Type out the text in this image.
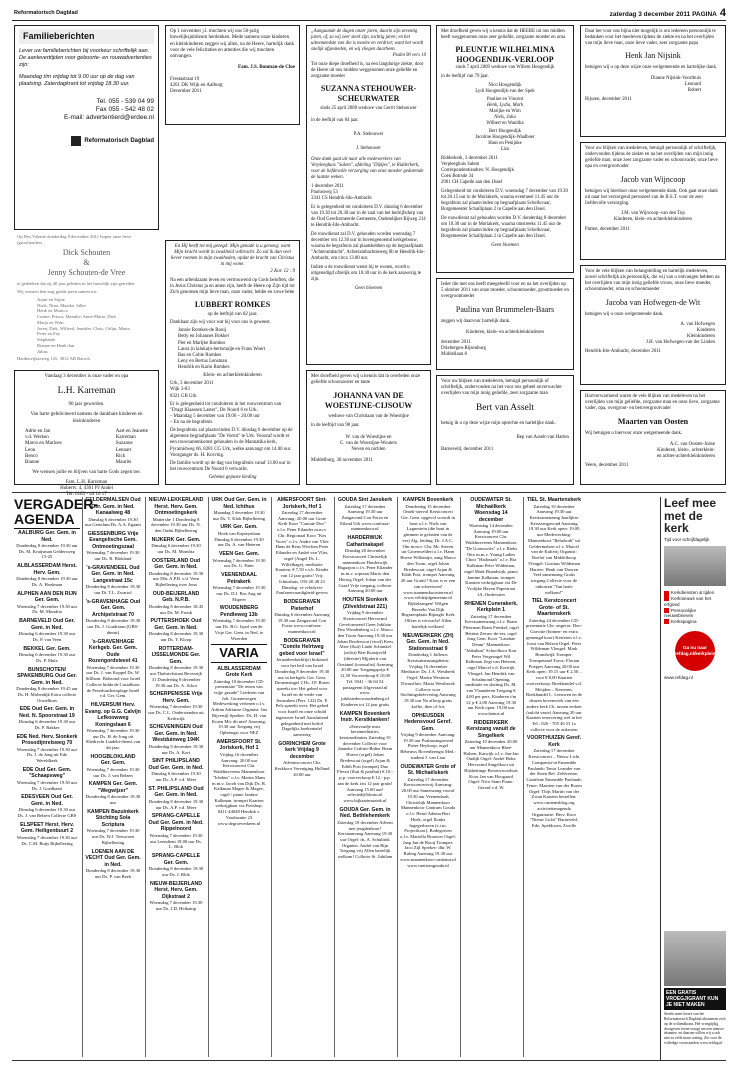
Reformatorisch Dagblad	zaterdag 3 december 2011 PAGINA 4
Familieberichten
Lever uw familieberichten bij voorkeur schriftelijk aan. De aanleverttijden voor geboorte- en rouwadvertenties zijn:
Maandag t/m vrijdag tot 9.00 uur op de dag van plaatsing. Zaterdagkrant tot vrijdag 18.30 uur.
Tel. 055 - 539 04 99
Fax 055 - 542 48 02
E-mail: advertentierd@erdee.nl
Reformatorisch Dagblad
Op Des Volente donderdag 8 december 2011 hopen onze lieve (groot)ouders
Dick Schouten
&
Jenny Schouten-de Vree
te gedenken dat zij 40 jaar geleden in het huwelijk zijn getreden.
Wij wensen hen nog goede jaren samen toe.
Arjan en Stijne
Niels, Nina, Maaike, Silke
Henk en Monica
Corine, Prisca, Mamike, Anne-Marie, Dirk
Marja en Wim
Joren, Dirk, Wilfred, Jennifer, Chris, Orlijn, Marta
Peter en Fay
Stephanie
Rianne en Henk-Jan
Julius
Hardenvijkseweg 125, 3812 AB Barsch
Vandaag 3 december is onze vader en opa
L.H. Karreman
90 jaar geworden.
Van harte gefeliciteerd namens de dankbare kinderen en kleinkinderen
Adrie en Jan
v.d. Werken
Marco en Marloes
Leon
Benco
Bianne
Aart en Jeanette
Karreman
Suzanne
Lennart
Rick
Maurits
We wensen jullie en blijven van harte Gods zegen toe.
Fam. L.H. Karreman
Hubertv. 4, 4301 PJ Andel
Tel. 0183 - 44 16 17
Op 1 november j.l. mochten wij ons 50-jarig huwelijksjubileum herdenken. Mede namens onze kinderen en kleinkinderen zeggen wij allen, na de Heere, hartelijk dank voor de vele felicitaties en attenties die wij mochten ontvangen.
Fam. J.S. Bouman-de Cloe
Frestastraat 19
4261 DK Wijk en Aalburg
December 2011
En Hij heeft tot mij gezegd: Mijn genade is u genoeg; want Mijn kracht wordt in zwakheid volbracht. Zo zal ik dan veel liever roemen in mijn zwakheden, opdat de kracht van Christus in mij wone.
2 Kor. 12 : 9
Na een arbeidzaam leven en vertrouwend op Gods beloften, die in Jezus Christus ja en amen zijn, heeft de Heere op Zijn tijd tot Zich genomen mijn lieve man, onze vader, hebbe en zowe bebe
LUBBERT ROMKES
op de leeftijd van 82 jaar.
Dankbaar zijn wij voor wat hij voor ons is geweest.
Jannie Romkes-de Booij
Betty en Johannes Bokker
Piet en Marijke Romkes
Laura (n laluka(n-bertsma)je en Frans Woert
Bas en Cobie Romkes
Leny en Bertus Lensman
Hendrik en Karin Romkes
Klein- en achterkleinkinderen
Urk, 3 december 2011
Wijk 3-83
8321 GB Urk
Er is gelegenheid tot condoleren in het rouwcentrum van "Dragt Klaassen Laster", De Noord 6 te Urk.
– Maandag 5 december van 19.00 – 20.00 uur
– En na de begrafenis
De begrafenis zal plaatsvinden D.V. dinsdag 6 december op de algemene begraafplaats "De Vormt" te Urk. Voooraf wordt er een rouwsamenkomst gehouden in de Mannatika kerk, Pyramidweg 66, 8281 CG Urk, welke aanvangt om 14.00 uur. Voorganger ds. H. Korving.
De familie wordt op de dag van begrafenis vanaf 13.00 uur in het rouwcentrum De Noord 6 verwacht.
Geheme gepaste kleding
„Aangaande de dagen onzer jaren, daarin zijn zeventig jaren, of, zo wij zeer sterk zijn, tachtig jaren; en het uitnemendste van die is moeite en verdriet; want het wordt snelijk afgesneden, en wij vliegen daarheen.
Psalm 90 vers 10
Tot onze diepe droefheid is, na een langdurige ziekte, door de Heere uit ons midden weggenomen onze geliefde en zorgzame moeder
SUZANNA STEHOUWER-SCHEURWATER
sinds 25 april 2008 weduwe van Gerrit Stehouwer
in de leeftijd van 84 jaar.
P.A. Stehouwer
J. Stehouwer
Onze dank gaat uit naar alle medewerkers van Verpleeghuis "Salem", afdeling "Dijkjes", te Ridderkerk, voor de liefdevolle verzorging van onze moeder gedurende de laatste weken.
1 december 2011
Paulusweg 53
3341 CS Hendrik-Ido-Ambacht
Er is gelegenheid tot condoleren D.V. dinsdag 6 december van 19.30 tot 20.30 uur in de zaal van het bedrijfsdorp van de Oud Gereformeerde Gemeente, Oudendijker Bijweg 214 te Hendrik-Ido-Ambacht.
De rouwdienst zal D.V. gehouden worden woensdag 7 december om 12.30 uur in bovengenoemd kerkgebouw, waarna de begrafenis zal plaatshebben op de begraafplaats "Achterambacht", Achterambachtseweg 8b te Hendrik-Ido-Ambacht, om circa 13.00 uur.
Indien u de rouwdienst wenst bij te wonen, wordt u uitgenodigd ofzelijk om 10.30 uur in de kerk aanwezig te zijn.
Geen bloemen
Met droefheid geven wij u kennis dat in overleden onze geliefde schoonzuster en tante
JOHANNA VAN DE WOESTIJNE-CIJSOUW
weduwe van Christiaan van de Woestijne
in de leeftijd van 98 jaar.
W. van de Woestijne en
C. van de Woestijne-Wouters
Neven en nichten
Middelburg, 30 november 2011
Met droefheid geven wij u kennis dat de HEERE uit ons midden heeft weggenomen onze zeer geliefde, zorgzame moeder en oma
PLEUNTJE WILHELMINA HOOGENDIJK-VERLOOP
sinds 7 april 2009 weduwe van Willem Hoogendijk
in de leeftijd van 79 jaar.
Nico Hoogendijk
Lydi Hoogendijk-van der Spek
Pauline en Vincent
Henk, Lydia, Mark
Marijke en Wim
Niels, Julia
Wilbert en Wanitha
Bert Hoogendijk
Jacoline Hoogendijk-Waalboer
Hans en Penijnke
Liza
Ridderkerk, 3 december 2011
Verpleeghuis Salem
Correspondentieadres: N. Hoogendijk
Coen Botrsde 34
2901 CH Capelle aan den IJssel
Gelegenheid tot condoleren D.V. woensdag 7 december van 19.30 tot 20.15 uur in de Moriakerk, waarna eventueel 11.45 uur de begrafenis zal plaatsvinden op begraafplaats Schelluvaar, Burgemeester Schaillplaan 2 in Capelle aan den IJssel.
De rouwdienst zal gehouden worden D.V. donderdag 8 december om 10.30 uur in de Moriakerk, waarna omstreeks 11.45 uur de begrafenis zal plaatsvinden op begraafplaats Schelluvaar, Burgemeester Schaillplaan 2 in Capelle aan den IJssel.
Geen bloemen
Ieder die met ons heeft meegeleefd voor en na het overlijden op 5 oktober 2011 van onze moeder, schoonmoeder, grootmoeder en overgrootmoeder
Paulina van Brummelen-Baars
zeggen wij daarvoor hartelijk dank.
Kinderen, klein- en achterkleinkinderen
december 2011
Driebergen-Rijsenburg
Middellaan 8
Voor uw blijken van medeleven, betuigd persoonlijk of schriftelijk, ondervonden na het voor ons geheel onverwachte overlijden van mijn innig geliefde, zeer zorgzame man
Bert van Asselt
betuig ik u op deze wijze mijn oprechte en hartelijke dank.
Bep van Asselt-van Harten
Barneveld, december 2011
Daar het voor ons bijna niet mogelijk is om iedereen persoonlijk te bedanken voor het meeleven tijdens de ziekte en na het overlijden van mijn lieve man, onze lieve vader, zeer zorgzame papa
Henk Jan Nijsink
betuigen wij u op deze wijze onze welgemeende en hartelijke dank.
Dianne Nijsink-Voorthuis
Leonard
Robert
Rijssen, december 2011
Voor uw blijken van medeleven, betuigd persoonlijk of schriftelijk, ondervonden tijdens de ziekte en na het overlijden van mijn innig geliefde man, onze zeer zorgzame vader en schoonvader, onze lieve opa en overgrootvader
Jacob van Wijncoop
betuigen wij hierdoor onze welgemeende dank. Ook gaat onze dank uit naar het verzorgend personeel van de B.S.T. voor de zeer liefdevolle verzorging.
J.M. van Wijncoop–van den Top
Kinderen, klein- en achterkleinkinderen
Putten, december 2011
Voor de vele blijken van belangstelling en hartelijk medeleven, zowel schriftelijk als persoonlijk, die wij van u ontvangen hebben na het overlijden van mijn innig geliefde vrouw, onze lieve moeder, schoonmoeder, oma en schoonmoeder
Jacoba van Hofwegen-de Wit
betuigen wij u onze welgemeende dank.
A. van Hofwegen
Kinderen
Kleinkinderen
J.H. van Hofwegen-van der Linden
Hendrik-Ido-Ambacht, december 2011
Hartverwarmend waren de vele blijken van medeleven na het overlijden van mijn geliefde, zorgzame man en onze lieve, zorgzame vader, opa, overgroot- en betovergrootvader
Maarten van Oosten
Wij betuigen u hiervoor onze welgemeende dank.
A.C. van Oosten-Jobse
Kinderen, klein-, achterklein-
en achter-achterkleinkinderen
Veere, december 2011
VERGADER-
AGENDA
AALBURG Ger. Gem. in Ned.
Donderdag 8 december 19.30 uur Ds. M. Kruijsman Geldersweg 15-25
ALBLASSERDAM Herst. Herv. Gem.
Donderdag 8 december 19.30 uur Ds. A. Hoekman
ALPHEN AAN DEN RIJN Ger. Gem.
Woensdag 7 december 19.30 uur Ds. M. Mondria
BARNEVELD Oud Ger. Gem. in Ned.
Dinsdag 6 december 19.30 uur Ds. P. van Veen
BEKKEL Ger. Gem.
Dinsdag 6 december 19.30 uur Ds. P. Mulx
BUNSCHOTEN/ SPAKENBURG Oud Ger. Gem. in Ned.
Donderdag 8 december 19.45 uur Ds. H. Molendijk Extra collecte Oostelburs
EDE Oud Ger. Gem. in Ned. N. Spoorstraat 19
Dinsdag 6 december 19.30 uur Ds. P. Bakker
EDE Ned. Herv. Sionkerk Prosodijnrelsweg 70
Woensdag 7 december 19.30 uur Ds. J. de Jong uit Ede Wereldkerk
EDE Oud Ger. Gem. "Schaapsweg"
Woensdag 7 december 19.30 uur Ds. J. Goedhaart
EDESVEEN Oud Ger. Gem. in Ned.
Dinsdag 6 december 19.30 uur Ds. J. van Belzen Collecte GBS
ELSPEET Herst. Herv. Gem. Heiligenbuurt 2
Woensdag 7 december 19.30 uur Ds. C.M. Buijs Bijbellezing
GELDERMALSEN Oud Ger. Gem. in Ned. Kanaalweg 48
Dinsdag 6 december 19.30 uur Gerielum Ds. A.A. Egaam
GIESSENBURG Vrije Evangelische Gem. Ontmoetingszaal
Woensdag 7 december 19.30 uur Ds. R. Blokland
's-GRAVENDEEL Oud Ger. Gem. in Ned. Langestraat 15c
Donderdag 8 december 19.30 uur Dr. T.L. Zwartol
's-GRAVENHAGE Oud Ger. Gem. Archipelstraat 70
Donderdag 8 december 19.30 uur Ds. J. Goudriaan (GBS-dienst)
's-GRAVENHAGE Kerkgeb. Ger. Gem. Oude Rozengordsteeet 41
Woensdag 7 december 19.30 uur Ds. J. van Koppel Ds. W. Silfhout. Bidstond voor Israël Collecte bidda de Castalbron de Peserluuchetoplage Israël v.d. Ger. Gem.
HILVERSUM Herv. Evang. op G.G. Calvijn Lefkoowweg Koningslaan 6
Woensdag 7 december 19.30 uur Ds. H. de Jong uit Sliedrecht Lindebi-dienst van dit jaar.
HOOGBLOKLAND Ger. Gem.
Woensdag 7 december 19.30 uur Ds. J. van Belzen
KAMPEN Ger. Gem. "Wegwijzer"
Donderdag 8 december 19.30 uur
KAMPEN Bazuinkerk Stichting Sola Scriptura
Woensdag 7 december 19.30 uur Ds. W.J. Teeuwsen Bijbellezing
LOENEN AAN DE VECHT Oud Ger. Gem. in Ned.
Donderdag 8 december 19.30 uur Ds. P. van Beek
NIEUW-LEKKERLAND Herst. Herv. Gem. Ontmoetingskerk
Mattershe 1 Donderdag 8 december 19.30 uur Ds. N. den Oudst Bijbellezing
NIJKERK Ger. Gem.
Dinsdag 6 december 19.30 uur Ds. M. Mondria
OOSTERLAND Oud Ger. Gem. in Ned.
Donderdag 8 december 19.30 uur Dhr. A.P.B. v.d. Veen Bijbellezing over Jona
OUD-BEIJERLAND Geb. N.P.B.
Donderdag 8 december 18.45 uur Ds. M. Pronk
PUTTERSHOEK Oud Ger. Gem. in Ned.
Donderdag 8 december 19.30 uur Ds. T. Kloop
ROTTERDAM-IJSSELMONDE Ger. Gem.
Donderdag 8 december 19.30 uur Thabriefstraat Beverzijk 31 Donderdag 8 december 19.30 uur Ds. A. Schot
SCHERPENISSE Vrije Herv. Gem.
Woensdag 7 december 19.30 uur Ds. C.L. Onderstenden uit Kerkwijk
SCHEVENINGEN Oud Ger. Gem. in Ned. Westduinweg 194K
Donderdag 8 december 19.30 uur Ds. A. Kort
SINT PHILIPSLAND Oud Ger. Gem. in Ned.
Dinsdag 6 december 19.30 uur Ds. A.P. v.d. Meer
ST. PHILIPSLAND Oud Ger. Gem. in Ned.
Donderdag 8 december 19.30 uur Ds. A.P. v.d. Meer
SPRANG-CAPELLE Oud Ger. Gem. in Ned. Rippelnoord
Woensdag 7 december 19.30 uur Leendtent 18.00 uur Ds. L. Blok
SPRANG-CAPELLE Ger. Gem.
Donderdag 8 december 19.30 uur Ds. J. Blok
NIEUW-BEIJERLAND Herst. Herv. Gem. Dijkstraat 2
Woensdag 7 december 19.30 uur Ds. J.D. Heikamp
URK Oud Ger. Gem. in Ned. Ichthus
Maandag 5 december 19.30 uur Ds. T. Klok Bijbellezing
URK Ger. Gem.
Hoek van Kapteynlaan Dinsdag 6 december 19.30 uur Ds. A. van Heteren
VEEN Ger. Gem.
Woensdag 7 december 19.30 uur Ds. G. Pater
VEENENDAAL Petrakerk
Woensdag 7 december 19.30 uur Ds. D.J. Bos Aug uit Elspeet
WOUDENBERG Pendleweg 13b
Woensdag 7 december 19.30 uur Ds. B.G. Ispol van de Vrije Ger. Gem. in Ned. te Woerden
VARIA
ALBLASSERDAM Grote Kerk
Zaterdag 10 december CD-presentatie "De reuen van vrijje gezade" Liederen van Joh. Groenewegen Medewerking verlenen o.l.v. Adrian Adrianse Organist: Jan Bijvertijl Spreker: Ds. H. van Koten Mic dit niet! Aanvang: 19.30 uur Toegang vrij Opbrengst voor NEZ
AMERSFOORT St. Joriskerk, Hof 1
Vrijdag 16 december Aanvang: 20.00 uur Kerstconcert Chr. Waddinxveens Mannenkoor "Ichthus" o.l.v. Martin Mans m.m.v. Jacob van Dijk Ds. R. Kalkman Magee & Magee, orgel / piano Jantine Kalkman, trompet Kaarten verkrijgbaar via Fietshop, 0411-44048 Hendrik v. Vaarlaantie 23 www.degroeverkeen.nl
AMERSFOORT Sint-Joriskerk, Hof 1
Zaterdag 17 december Aanvang: 20.00 uur Grote Kerk Koor "Cantate Deo" o.l.v. Peter Eilander m.m.v. Chr. Regionaal Koor "Kes Voces" o.l.v. Andre van Vliet Hans de Reus Wierlien Peter Eilander en André van Vliet, orgel (Angel Ds. L. Wilfelhage), meditatie Kaarten: € 7,50 v.v.b. Kinder van 12 jaar gratis! Vrij: Ichtushuis, 033-20 48 23 Dinsdag: ve rvbidyvie Fanfarenvaardigheid-gevers
BODEGRAVEN Pieterhof
Dinsdag 6 december Aanvang 19.30 uur Zangavond Con Forza www.conforza-mannenkoor.nl
BODEGRAVEN "Comite Helrtweg gebed voor Israel"
Jeruzaleerkerkfije) bidstond voor het heil van Israel Donderdag 8 december 19.30 uur in kerkgeb. Ger. Gem. Dronensingel 2 Ds. J.P. Boten spreekt toe: Het gebed voor Israël en de vrede van Jeruzalem (Pers. 122) Ds. P. Pels spreekt over: Het gebed voor Israël en onze schuld tegenover Israël Aansluitend gelegenheid met hoftof Dagelijks boekentafel aanwezig
GORINCHEM Grote kerk Vrijdag 9 december
Adventsconcert Chr. Kerkkoor Vereniging Holland 20.00 uur
GOUDA Sint Janskerk
Zaterdag 17 december Aanvang 19.30 uur Zangavond Con Forza en Eiland Urk www.conforza-mannenkoor.nl
HARDERWIJK Catharinakapel
Dinsdag 20 december Kerstconcert Christelijk mannenkoor Harderwijk Hagaajon o.l.v. Peter Eilander m.m.v. sopraan Mario den Hertog Orgel: Johan van der Graaf Vrije toegang, collecte Aanvang 20.00 uur
HOUTEN Sionkerk (Zilveldstraat 221)
Vrijdag 9 december Kerstconcert Hervormd Gereformeerd Geen Jubilate Deo Woudenberg o.l.v. Marco den Toom Aanvang 19.30 uur Johan Bredewout (viool) Kees Abee (fluit) Linde Schimkel (solist) Bert Kraaijveld (directie) Mjjulerti van Oostanel (toonsalist) Aanvang 20.00 uur Toegangsprijs € 12,50 Voorverkoop € 10,00 Tel. 0341 - 36 04 54 passageent (ffgevraad.nl www. jubilatedeowoudenberg.nl Kinderen tot 12 jaar gratis
KAMPEN Bovenkerk Instr. Kerstklanken!
»Eenvoudje instr. kerstmeditatie« kerstmeditaties Zaterdag 10 december Collecte voor Janneke Csifruit-Bidier Bram Hoeve (orgel) Johan Bredewout (orgel) Arjan & Edith Post (trompet) Duo Flessii (fluit & panfluit) € 10,- p.p. voorverkoop € 12,- p.p. aan de kerk t/m 12 jaar gratis! Aanvang 15.00 uur! selected@blosm.nl www.hijkaartmuziek.nl
GOUDA Ger. Gem. in Ned. Bethlehemkerk
Zaterdag 10 december Advent met jeugdenkoor! Kerstaanvang Aanvang 19.30 uur Orgel: ds. A. Schultink Organist: André van Rijn Toegang vrij Allen hartelijk welkom! Collecte St. Jubilam
KAMPEN Bovenkerk
Donderdag 15 december Ontek-stervol Kerstconcert Ger. Gem. opgevol woordt in hout o.l.v. Niels van Lagnestein (die hout in gimmen te gelasten van de eer) Alg. leiding: Dr. J.A.C. Om m.m.v. Chr. Mr. Steven uit Groenwelderi o.l.v. Harm Hoeve Willemijn, zang Marco den Toom, orgel Johan Bredewout, orgel Arjan & Edith Post, trompet Aanvang 20 uur Gratis!! Koor is er een van scheerwen! www.mannenkoorsteren.nl www.veldzijdgemeente.nl Bijbelzangen! Wilgen Bezoekt Van Dijk Begraenplaats Bijnaglo Kerk Olfern is verwacht! Allen hartelijk welkom!
NIEUWERKERK (ZH) Ger. Gem. in Ned. Stationsstraat 9
Donderdag 1 Jufleurs Kerstsamenzangdienst Vrijdag 16 december Meditatie: Ds. J.A. Westbeek Orgel: Martin Westeras Dwarsfluit: Maria Westbroek Collecte voor Stichtingsbelevering Aanvang 19.30 uur Na afloop gratis koffie, thee of fris
OPHEUSDEN Hedensvoud Geref. Gem.
Vrijdag 9 december Aanvang: 19.30 uur Psalmzangavond Pieter Heykoop, orgel Bebeuws Bovenbrengst Med.: student J. van Laar
OUDEWATER Grote of St. Michaëlskerk
Zaterdag 17 december Kerstconcertvrij Aanvang: 20.00 uur Samenzang vooraf 19.30 uur Veenendaals Christelijk Mannenkoor Mannenkoor Cantrum Gouda o.l.v. Henri Adema Bert Hoek, orgel Ilonka Ingegerbacen (s.t.m. Projectkoor), Bodegraven o.l.v. Mariella Brouwer Orgel: Jaap Jan de Booij Trompet: Jaco Zijl Spreker: dhr. W. Ruling Aanvang 19.30 uur www.mannenkoor-cantiami.nl www.cantiomgouda.nl
OUDEWATER St. Michaëlkerk Woensdag 14 december
Woensdag 14 december Aanvang 19.00 uur Kerstconcert Chr. Waddinxveens Mannenkoor "De Gouwsotes" o.l.v. Rieks Otto m.m.v. Young Ladies Choir "Hadassah" o.l.v. Ria Kalkman Peter Wildeman, orgel Mark Brandwijk, piano Jantine Kalkman, trompet Kaarten verkrijgbaar via De Vrolijke Haven Papestraat 1A, Oudewater
RHENEN Cunerakerk, Kerkplein 1
Zaterdag 17 december Kerstsamenzang o.l.v. Bram Fleerman Bram Frenkel, orgel Bettina Zeeuw-de-eer, orgel Jong Gem. Koor "Laudate Deum" Mannenkoor "Jeduthun" Schoolkoor Kon. Peter Vergezagel Wil Kalkman Zegt van Heteren, orgel Marcel v.d. Kortrijk Vleugel: Jan Hendrik van Schalmond Opening, meditatie en sluiting Ds. M. van Vlaanderen Toegang € 4,00 per pers. Kinderen t/m 12 jr € 2,00 Aanvang 19.30 uur Kerk open: 19.00 uur www.hemis.nl
RIDDERKERK Kerstzang vanuit de Singelkerk
Zaterdag 10 december 20.00 uur Mannenkoor Rhee-Hulsen, Katwijk o.l.v. Jan-Jan Oudijk Orgel: André Hoba Hervormd Singelkoor uit Rijsbettinge Bovenvoorzhuis Koor Jan van Hoogaard Orgel: Nico Stam Piano: Gerard v.d. W.
TIEL St. Maartenskerk
Zaterdag 10 december Aanvang 19.30 uur Kerstsamenzang Jaarlijkse Kerstzangavond Aanvang 19.30 uur Kerk open: 19.00 uur Medewerking: Mannenkoor "Rehoboth" uit Geldermalsen o.l.v. Marcel van de Kulterij Organist: Roelof van Middelkoop Vleugel: Gosinus Wildeman Harrier: Henk van Dooren Veel samenzang Gratis toegang Collecte voor de onkosten "Van harte welkom!"
TIEL Kerstconcert Grote- of St. Maartenskerk
Zaterdag 24 december CD-presentatie Chr. ongecor. Deo-Gravitte (binnen- en extra gemengd koor) Kesteren o.l.v. Joost van Belzen Orgel: Peter Wildeman Vleugel: Mark Brandwijk Trompet: Trompetanel Toros: Florian Poepjes Aanvang 20.00 uur Kerk open: 19.15 uur € 2,50 – voor € 8,00 Kaarten voorverkoop: Boekhandel v.d. Meijden – Kesteren, Boekhandel L. Leeuwen en de deuren bovenwerk van een andere kerk Ch. tussen eerken (zulcht vaste) Aanvang 20 uur Kaarten reservering wel in het Tel.: 026 - 705 46 53 1x collecte voor de onkosten
VOORTHUIZEN Geref. Kerk
Zaterdag 17 december Kerstconcert – Nieuw Licht Componist-in Ensemble Paulando Tenor Leander van der Steen Ref. Zeldverine, Cantilene Ensemble Paulando Tenor: Maarten van der Boom Orgel: Thijs Martin van der Zwan Kaarten bestellen: www.cantemsblog.org activiteitenagenda Organisatie: Herv. Koor "Nieuw Licht" Barneveld, Ede, Apeldoorn, Zwolle
Leef mee met de kerk
Tijd voor schrijfdagelijk
Kerkdiensten & tijden
Kerknieuws van het erfgoed
Persoonlijke nieuwsbrieven
Kerkspagina
Ga nu naar refdag.nl/kerkplein
www.refdag.nl
EEN GRATIS VROEGJIGRANT KUN JE NIET MAKEN
Steeds meer lezers van het Reformatorisch Dagblad abonneren zich op de ochtendkrant. Het vroegtijdig doorgeven ervan vraagt om een nieuwe abonnee, en daarom willen wij u ook niet zo zelfs maar weinig. Zie voor de volledige voorwaarden www.refdag.nl
